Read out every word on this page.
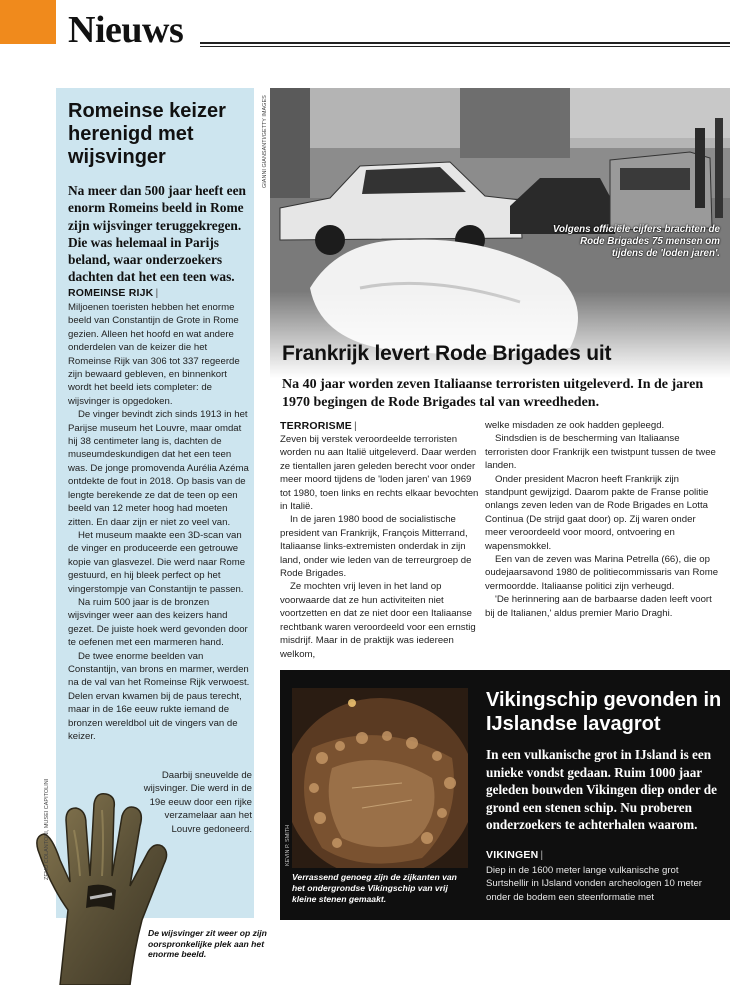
Nieuws
Romeinse keizer herenigd met wijsvinger

Na meer dan 500 jaar heeft een enorm Romeins beeld in Rome zijn wijsvinger teruggekregen. Die was helemaal in Parijs beland, waar onderzoekers dachten dat het een teen was.

ROMEINSE RIJK |

Miljoenen toeristen hebben het enorme beeld van Constantijn de Grote in Rome gezien. Alleen het hoofd en wat andere onderdelen van de keizer die het Romeinse Rijk van 306 tot 337 regeerde zijn bewaard gebleven, en binnenkort wordt het beeld iets completer: de wijsvinger is opgedoken.

De vinger bevindt zich sinds 1913 in het Parijse museum het Louvre, maar omdat hij 38 centimeter lang is, dachten de museumdeskundigen dat het een teen was. De jonge promovenda Aurélia Azéma ontdekte de fout in 2018. Op basis van de lengte berekende ze dat de teen op een beeld van 12 meter hoog had moeten zitten. En daar zijn er niet zo veel van.

Het museum maakte een 3D-scan van de vinger en produceerde een getrouwe kopie van glasvezel. Die werd naar Rome gestuurd, en hij bleek perfect op het vingerstompje van Constantijn te passen.

Na ruim 500 jaar is de bronzen wijsvinger weer aan des keizers hand gezet. De juiste hoek werd gevonden door te oefenen met een marmeren hand.

De twee enorme beelden van Constantijn, van brons en marmer, werden na de val van het Romeinse Rijk verwoest. Delen ervan kwamen bij de paus terecht, maar in de 16e eeuw rukte iemand de bronzen wereldbol uit de vingers van de keizer.

Daarbij sneuvelde de wijsvinger. Die werd in de 19e eeuw door een rijke verzamelaar aan het Louvre gedoneerd.

ZENO COLANTONI, MUSEI CAPITOLINI

De wijsvinger zit weer op zijn oorspronkelijke plek aan het enorme beeld.

GIANNI GIANSANTI/GETTY IMAGES

Volgens officiële cijfers brachten de Rode Brigades 75 mensen om tijdens de 'loden jaren'.

Frankrijk levert Rode Brigades uit

Na 40 jaar worden zeven Italiaanse terroristen uitgeleverd. In de jaren 1970 begingen de Rode Brigades tal van wreedheden.

TERRORISME |

Zeven bij verstek veroordeelde terroristen worden nu aan Italië uitgeleverd. Daar werden ze tientallen jaren geleden berecht voor onder meer moord tijdens de 'loden jaren' van 1969 tot 1980, toen links en rechts elkaar bevochten in Italië.

In de jaren 1980 bood de socialistische president van Frankrijk, François Mitterrand, Italiaanse links-extremisten onderdak in zijn land, onder wie leden van de terreurgroep de Rode Brigades.

Ze mochten vrij leven in het land op voorwaarde dat ze hun activiteiten niet voortzetten en dat ze niet door een Italiaanse rechtbank waren veroordeeld voor een ernstig misdrijf. Maar in de praktijk was iedereen welkom,

welke misdaden ze ook hadden gepleegd.

Sindsdien is de bescherming van Italiaanse terroristen door Frankrijk een twistpunt tussen de twee landen.

Onder president Macron heeft Frankrijk zijn standpunt gewijzigd. Daarom pakte de Franse politie onlangs zeven leden van de Rode Brigades en Lotta Continua (De strijd gaat door) op. Zij waren onder meer veroordeeld voor moord, ontvoering en wapensmokkel.

Een van de zeven was Marina Petrella (66), die op oudejaarsavond 1980 de politiecommissaris van Rome vermoordde. Italiaanse politici zijn verheugd.

'De herinnering aan de barbaarse daden leeft voort bij de Italianen,' aldus premier Mario Draghi.

KEVIN P. SMITH

Verrassend genoeg zijn de zijkanten van het ondergrondse Vikingschip van vrij kleine stenen gemaakt.

Vikingschip gevonden in IJslandse lavagrot

In een vulkanische grot in IJsland is een unieke vondst gedaan. Ruim 1000 jaar geleden bouwden Vikingen diep onder de grond een stenen schip. Nu proberen onderzoekers te achterhalen waarom.

VIKINGEN |

Diep in de 1600 meter lange vulkanische grot Surtshellir in IJsland vonden archeologen 10 meter onder de bodem een steenformatie met
